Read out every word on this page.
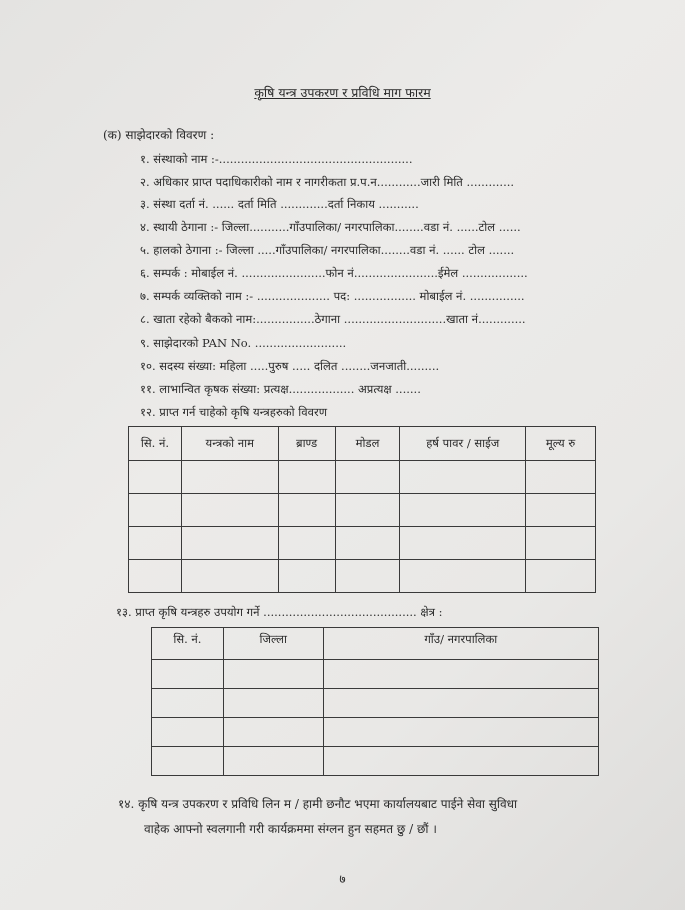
कृषि यन्त्र उपकरण र प्रविधि माग फारम
(क) साझेदारको विवरण :
१. संस्थाको नाम :-.....................................................
२. अधिकार प्राप्त पदाधिकारीको नाम र नागरीकता प्र.प.न............जारी मिति .............
३. संस्था दर्ता नं. ...... दर्ता मिति .............दर्ता निकाय ...........
४. स्थायी ठेगाना :- जिल्ला...........गाँउपालिका/ नगरपालिका........वडा नं. ......टोल ......
५. हालको ठेगाना :- जिल्ला .....गाँउपालिका/ नगरपालिका........वडा नं. ...... टोल .......
६. सम्पर्क : मोबाईल नं. .......................फोन नं.......................ईमेल ..................
७. सम्पर्क व्यक्तिको नाम :- .................... पद: ................. मोबाईल नं. ...............
८. खाता रहेको बैकको नाम:................ठेगाना ............................खाता नं.............
९. साझेदारको PAN No. .........................
१०. सदस्य संख्या: महिला .....पुरुष ..... दलित ........जनजाती.........
११. लाभान्वित कृषक संख्या: प्रत्यक्ष.................. अप्रत्यक्ष .......
१२. प्राप्त गर्न चाहेको कृषि यन्त्रहरुको विवरण
सि. नं.	यन्त्रको नाम	ब्राण्ड	मोडल	हर्ष पावर / साईज	मूल्य रु

१३. प्राप्त कृषि यन्त्रहरु उपयोग गर्ने .......................................... क्षेत्र :
सि. नं.	जिल्ला	गाँउ/ नगरपालिका

१४. कृषि यन्त्र उपकरण र प्रविधि लिन म / हामी छनौट भएमा कार्यालयबाट पाईने सेवा सुविधा
वाहेक आफ्नो स्वलगानी गरी कार्यक्रममा संग्लन हुन सहमत छु / छौं ।
७
